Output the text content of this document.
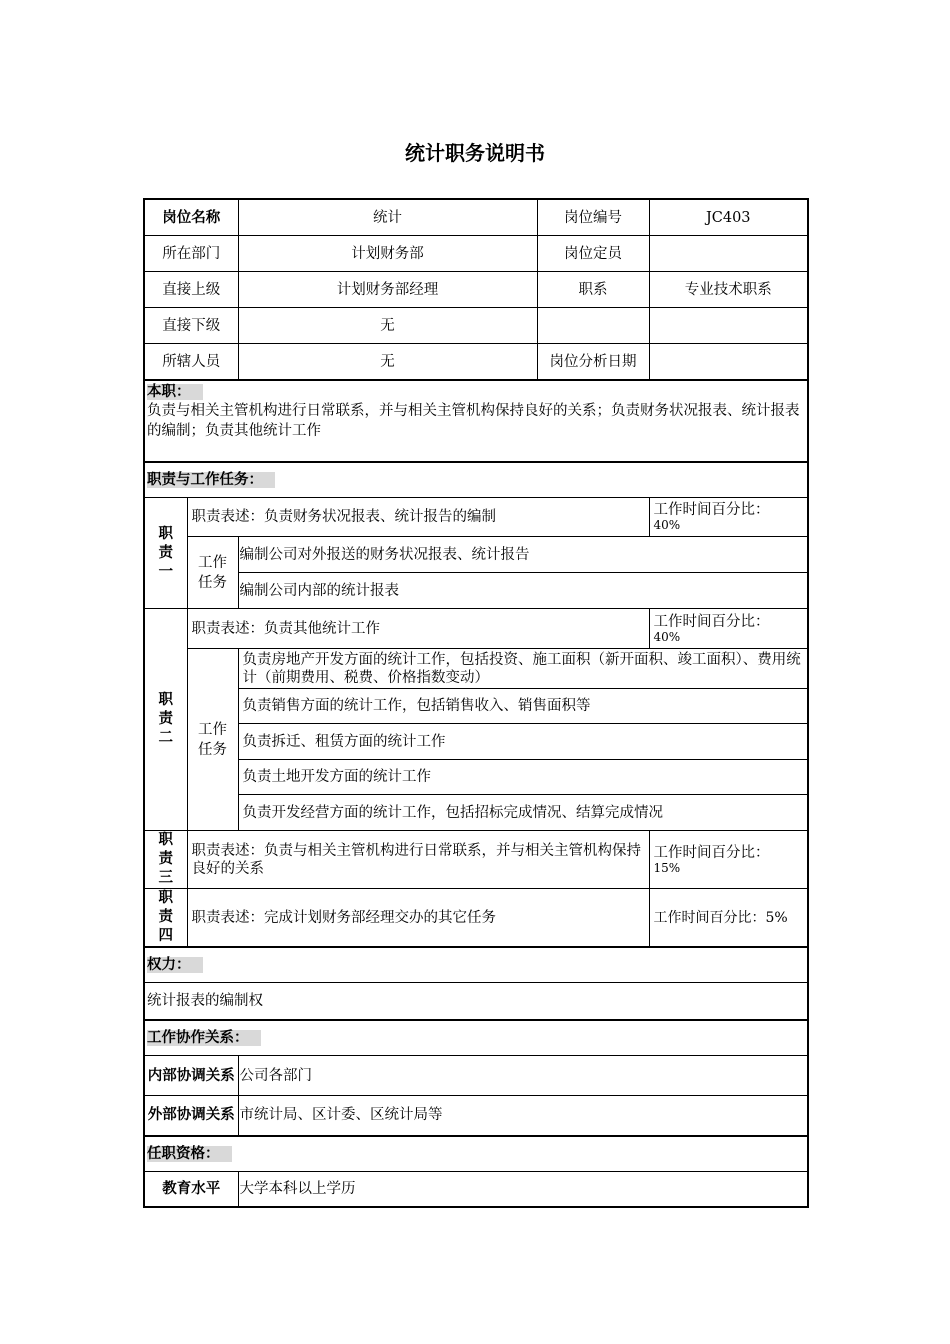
统计职务说明书
岗位名称		统计	岗位编号	JC403
所在部门		计划财务部	岗位定员	
直接上级		计划财务部经理	职系	专业技术职系
直接下级		无		
所辖人员		无	岗位分析日期	

本职：
负责与相关主管机构进行日常联系，并与相关主管机构保持良好的关系；负责财务状况报表、统计报表的编制；负责其他统计工作				

职责与工作任务：				
职
责
一	职责表述：负责财务状况报表、统计报告的编制			工作时间百分比：
40%

	工作
任务	编制公司对外报送的财务状况报表、统计报告		
		编制公司内部的统计报表		
职
责
二	职责表述：负责其他统计工作			工作时间百分比：
40%

	工作
任务	负责房地产开发方面的统计工作，包括投资、施工面积（新开面积、竣工面积）、费用统计（前期费用、税费、价格指数变动）		
		负责销售方面的统计工作，包括销售收入、销售面积等		
		负责拆迁、租赁方面的统计工作		
		负责土地开发方面的统计工作		
		负责开发经营方面的统计工作，包括招标完成情况、结算完成情况		
职
责
三	职责表述：负责与相关主管机构进行日常联系，并与相关主管机构保持良好的关系			工作时间百分比：
15%

职
责
四	职责表述：完成计划财务部经理交办的其它任务			工作时间百分比：5%
权力：				
统计报表的编制权				
工作协作关系：				
内部协调关系		公司各部门		
外部协调关系		市统计局、区计委、区统计局等		
任职资格：				
教育水平		大学本科以上学历		
